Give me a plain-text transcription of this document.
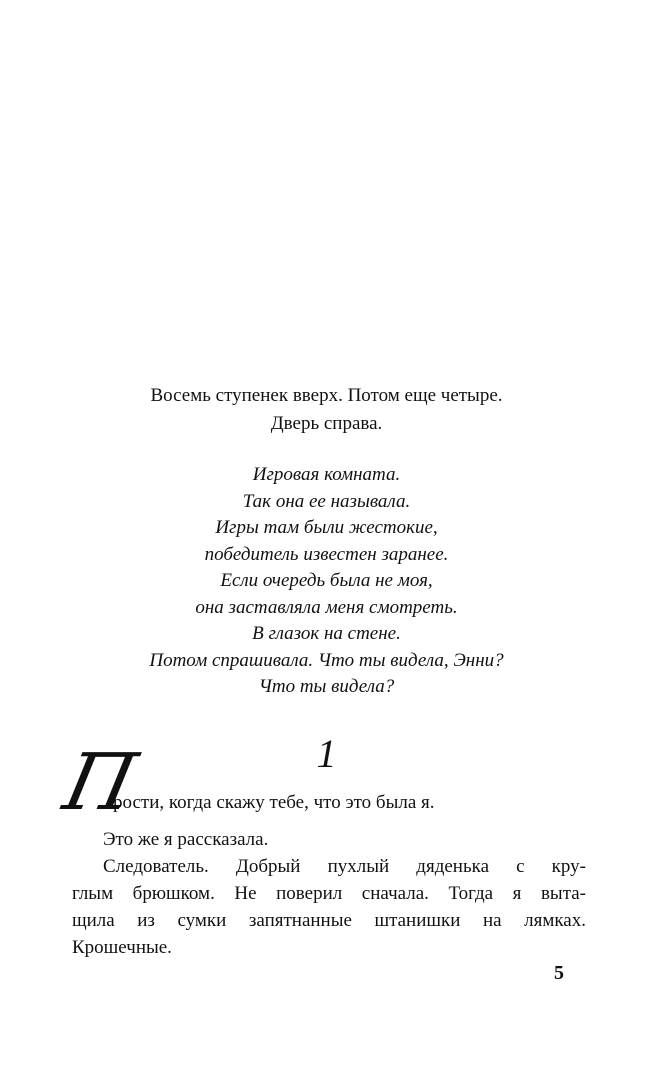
Восемь ступенек вверх. Потом еще четыре.
Дверь справа.
Игровая комната.
Так она ее называла.
Игры там были жестокие,
победитель известен заранее.
Если очередь была не моя,
она заставляла меня смотреть.
В глазок на стене.
Потом спрашивала. Что ты видела, Энни?
Что ты видела?
1
П
рости, когда скажу тебе, что это была я.
Это же я рассказала.
Следователь. Добрый пухлый дяденька с кру-
глым брюшком. Не поверил сначала. Тогда я выта-
щила из сумки запятнанные штанишки на лямках.
Крошечные.
5
